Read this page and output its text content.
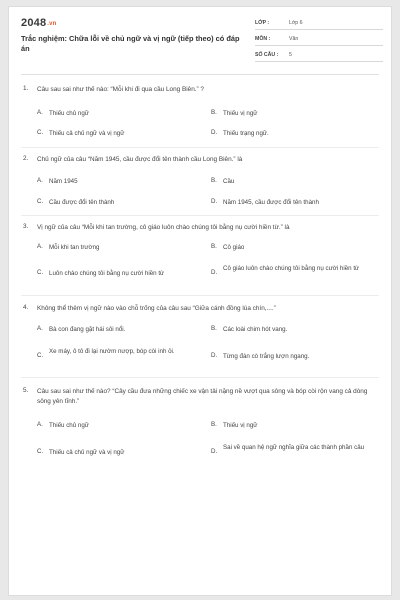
2048.vn
Trắc nghiệm: Chữa lỗi về chủ ngữ và vị ngữ (tiếp theo) có đáp án
LỚP :	Lớp 6
MÔN :	Văn
SỐ CÂU : 5
1.	Câu sau sai như thế nào: “Mỗi khi đi qua cầu Long Biên.” ?
A. Thiếu chủ ngữ	B. Thiếu vị ngữ
C. Thiếu cả chủ ngữ và vị ngữ	D. Thiếu trạng ngữ.
2.	Chủ ngữ của câu “Năm 1945, cầu được đổi tên thành cầu Long Biên.” là
A. Năm 1945	B. Cầu
C. Cầu được đổi tên thành	D. Năm 1945, cầu được đổi tên thành
3.	Vị ngữ của câu “Mỗi khi tan trường, cô giáo luôn chào chúng tôi bằng nụ cười hiền từ.” là
A. Mỗi khi tan trường	B. Cô giáo
C. Luôn chào chúng tôi bằng nụ cười hiền từ	D.
Cô giáo luôn chào chúng tôi bằng nụ cười hiền từ
4.	Không thể thêm vị ngữ nào vào chỗ trống của câu sau “Giữa cánh đồng lúa chín,....”
A. Bà con đang gặt hái sôi nổi.	B. Các loài chim hót vang.
C.
Xe máy, ô tô đi lại nườm nượp, bóp còi inh ỏi.
D. Từng đàn cò trắng lượn ngang.
5.	Câu sau sai như thế nào? “Cây cầu đưa những chiếc xe vận tải nặng nề vượt qua sông và bóp còi rộn vang cả dòng sông yên tĩnh.”
A. Thiếu chủ ngữ	B. Thiếu vị ngữ
C. Thiếu cả chủ ngữ và vị ngữ	D.
Sai về quan hệ ngữ nghĩa giữa các thành phần câu
